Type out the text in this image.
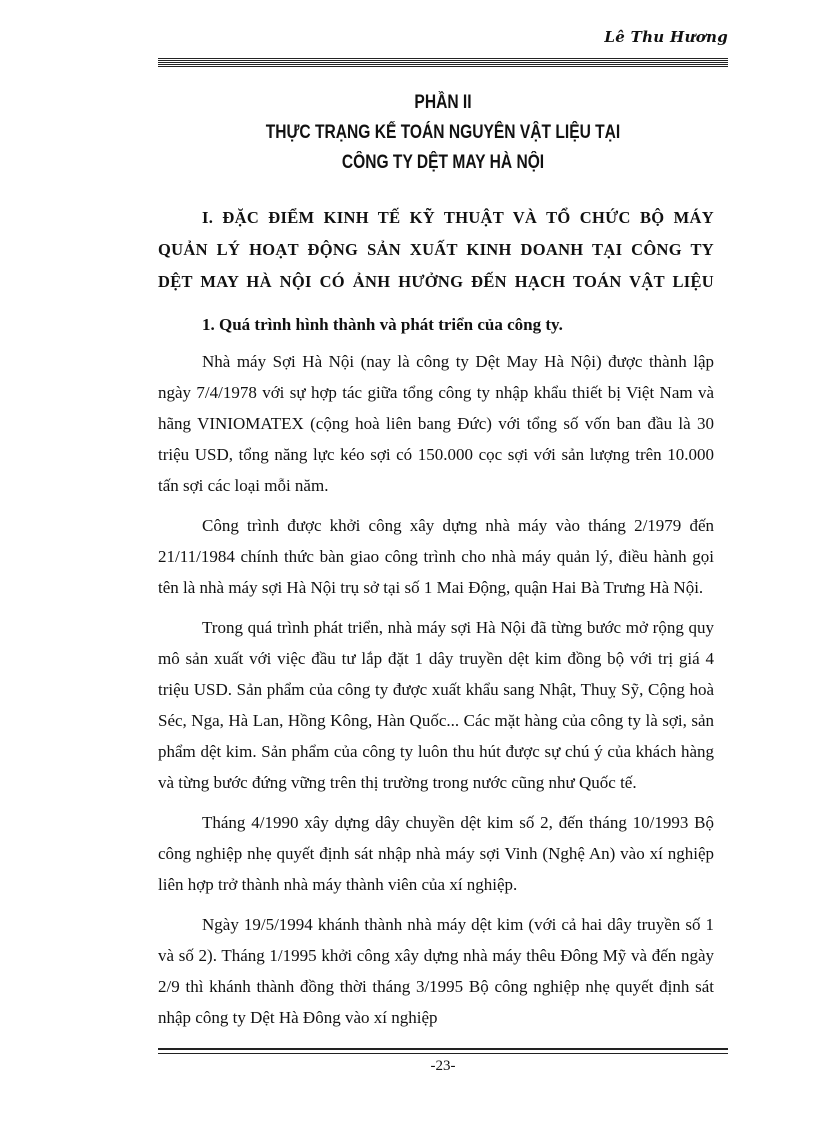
Lê Thu Hương
PHẦN II
THỰC TRẠNG KẾ TOÁN NGUYÊN VẬT LIỆU TẠI
CÔNG TY DỆT MAY HÀ NỘI
I. ĐẶC ĐIỂM KINH TẾ KỸ THUẬT VÀ TỔ CHỨC BỘ MÁY
QUẢN LÝ HOẠT ĐỘNG SẢN XUẤT KINH DOANH TẠI CÔNG TY
DỆT MAY HÀ NỘI CÓ ẢNH HƯỞNG ĐẾN HẠCH TOÁN VẬT LIỆU
1. Quá trình hình thành và phát triển của công ty.

Nhà máy Sợi Hà Nội (nay là công ty Dệt May Hà Nội) được thành lập ngày 7/4/1978 với sự hợp tác giữa tổng công ty nhập khẩu thiết bị Việt Nam và hãng VINIOMATEX (cộng hoà liên bang Đức) với tổng số vốn ban đầu là 30 triệu USD, tổng năng lực kéo sợi có 150.000 cọc sợi với sản lượng trên 10.000 tấn sợi các loại mỗi năm.

Công trình được khởi công xây dựng nhà máy vào tháng 2/1979 đến 21/11/1984 chính thức bàn giao công trình cho nhà máy quản lý, điều hành gọi tên là nhà máy sợi Hà Nội trụ sở tại số 1 Mai Động, quận Hai Bà Trưng Hà Nội.

Trong quá trình phát triển, nhà máy sợi Hà Nội đã từng bước mở rộng quy mô sản xuất với việc đầu tư lắp đặt 1 dây truyền dệt kim đồng bộ với trị giá 4 triệu USD. Sản phẩm của công ty được xuất khẩu sang Nhật, Thuỵ Sỹ, Cộng hoà Séc, Nga, Hà Lan, Hồng Kông, Hàn Quốc... Các mặt hàng của công ty là sợi, sản phẩm dệt kim. Sản phẩm của công ty luôn thu hút được sự chú ý của khách hàng và từng bước đứng vững trên thị trường trong nước cũng như Quốc tế.

Tháng 4/1990 xây dựng dây chuyền dệt kim số 2, đến tháng 10/1993 Bộ công nghiệp nhẹ quyết định sát nhập nhà máy sợi Vinh (Nghệ An) vào xí nghiệp liên hợp trở thành nhà máy thành viên của xí nghiệp.

Ngày 19/5/1994 khánh thành nhà máy dệt kim (với cả hai dây truyền số 1 và số 2). Tháng 1/1995 khởi công xây dựng nhà máy thêu Đông Mỹ và đến ngày 2/9 thì khánh thành đồng thời tháng 3/1995 Bộ công nghiệp nhẹ quyết định sát nhập công ty Dệt Hà Đông vào xí nghiệp

-23-
